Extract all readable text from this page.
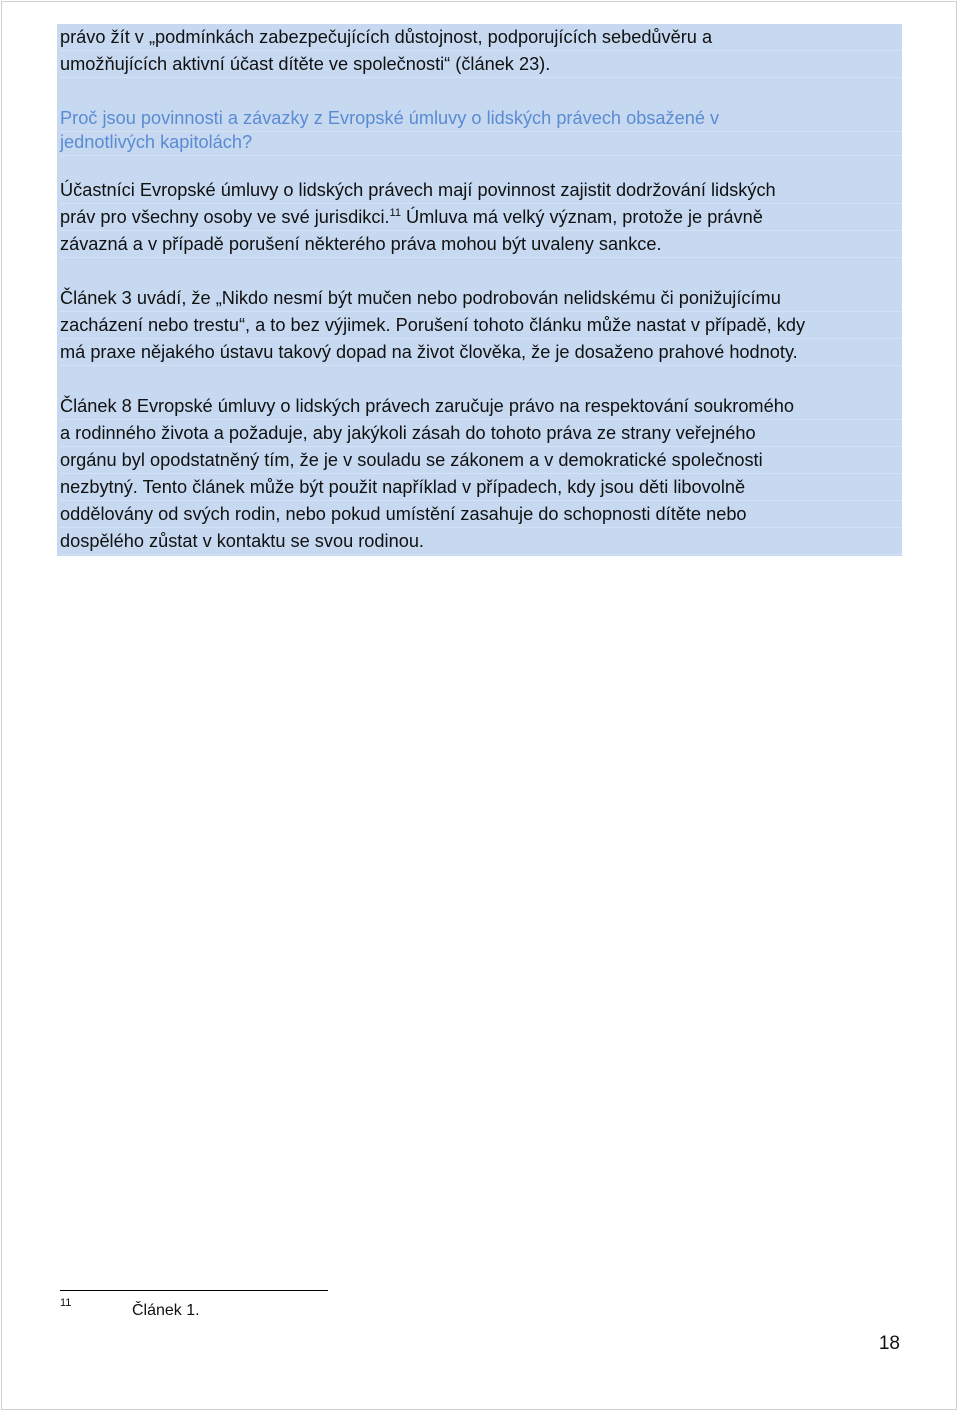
právo žít v „podmínkách zabezpečujících důstojnost, podporujících sebedůvěru a
umožňujících aktivní účast dítěte ve společnosti“ (článek 23).
Proč jsou povinnosti a závazky z Evropské úmluvy o lidských právech obsažené v
jednotlivých kapitolách?
Účastníci Evropské úmluvy o lidských právech mají povinnost zajistit dodržování lidských
práv pro všechny osoby ve své jurisdikci.$^{11}$ Úmluva má velký význam, protože je právně
závazná a v případě porušení některého práva mohou být uvaleny sankce.
Článek 3 uvádí, že „Nikdo nesmí být mučen nebo podrobován nelidskému či ponižujícímu
zacházení nebo trestu“, a to bez výjimek. Porušení tohoto článku může nastat v případě, kdy
má praxe nějakého ústavu takový dopad na život člověka, že je dosaženo prahové hodnoty.
Článek 8 Evropské úmluvy o lidských právech zaručuje právo na respektování soukromého
a rodinného života a požaduje, aby jakýkoli zásah do tohoto práva ze strany veřejného
orgánu byl opodstatněný tím, že je v souladu se zákonem a v demokratické společnosti
nezbytný. Tento článek může být použit například v případech, kdy jsou děti libovolně
oddělovány od svých rodin, nebo pokud umístění zasahuje do schopnosti dítěte nebo
dospělého zůstat v kontaktu se svou rodinou.
11	Článek 1.
18
